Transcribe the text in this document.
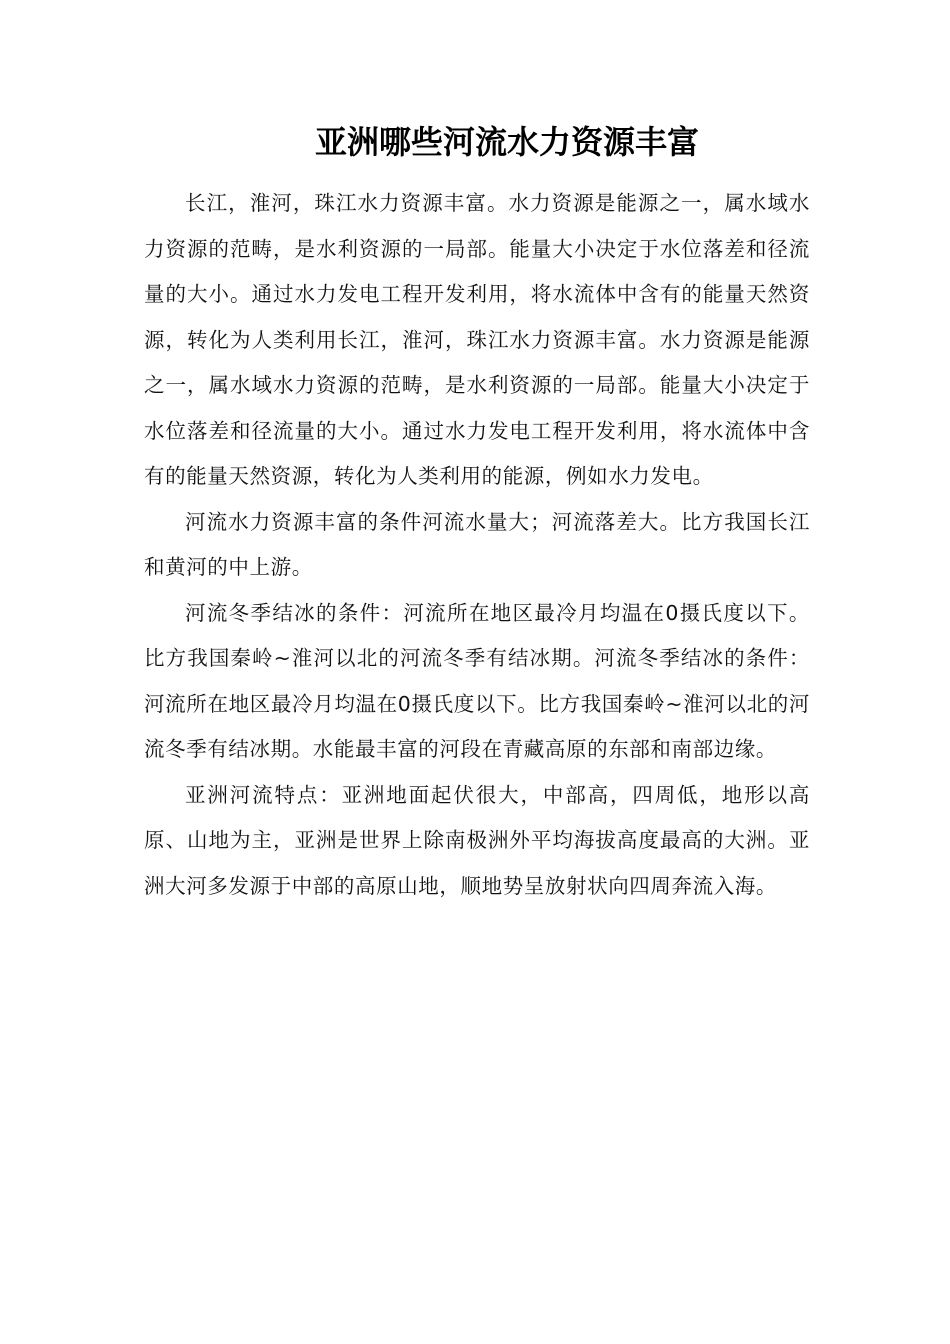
亚洲哪些河流水力资源丰富

长江，淮河，珠江水力资源丰富。水力资源是能源之一，属水域水力资源的范畴，是水利资源的一局部。能量大小决定于水位落差和径流量的大小。通过水力发电工程开发利用，将水流体中含有的能量天然资源，转化为人类利用长江，淮河，珠江水力资源丰富。水力资源是能源之一，属水域水力资源的范畴，是水利资源的一局部。能量大小决定于水位落差和径流量的大小。通过水力发电工程开发利用，将水流体中含有的能量天然资源，转化为人类利用的能源，例如水力发电。

河流水力资源丰富的条件河流水量大；河流落差大。比方我国长江和黄河的中上游。

河流冬季结冰的条件：河流所在地区最冷月均温在0摄氏度以下。比方我国秦岭~淮河以北的河流冬季有结冰期。河流冬季结冰的条件：河流所在地区最冷月均温在0摄氏度以下。比方我国秦岭~淮河以北的河流冬季有结冰期。水能最丰富的河段在青藏高原的东部和南部边缘。

亚洲河流特点：亚洲地面起伏很大，中部高，四周低，地形以高原、山地为主，亚洲是世界上除南极洲外平均海拔高度最高的大洲。亚洲大河多发源于中部的高原山地，顺地势呈放射状向四周奔流入海。
